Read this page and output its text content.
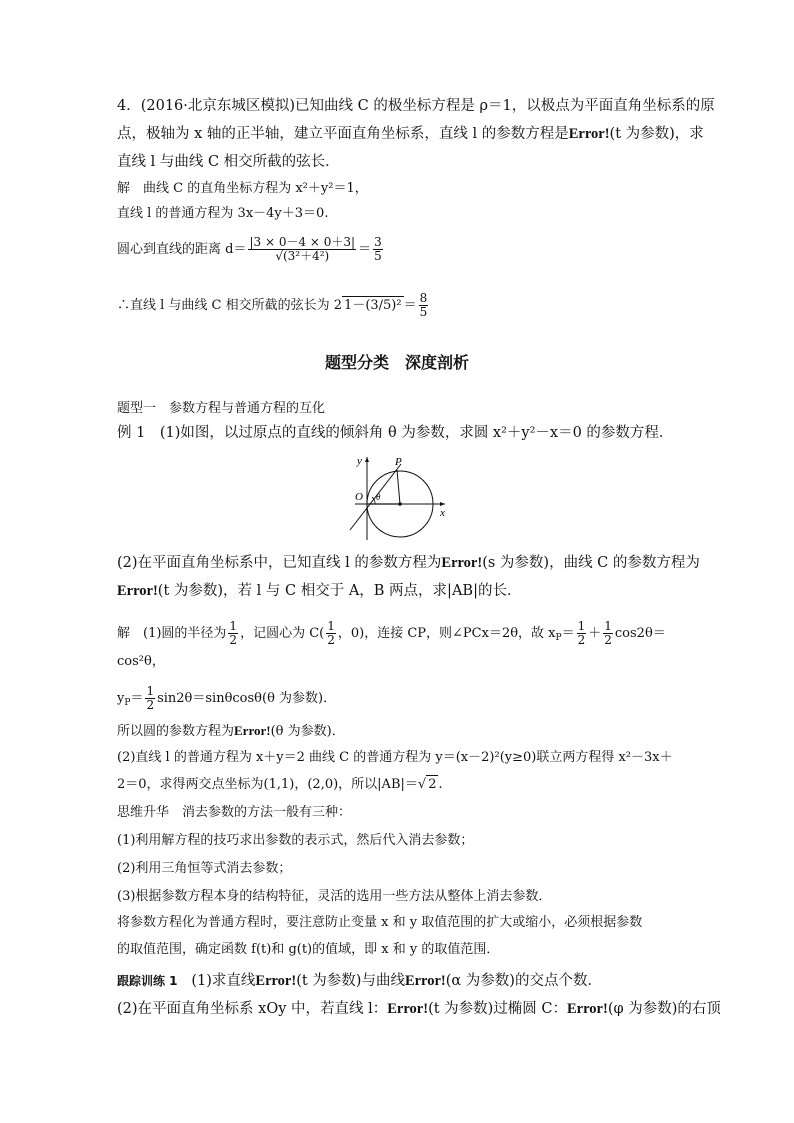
4．(2016·北京东城区模拟)已知曲线 C 的极坐标方程是 ρ＝1，以极点为平面直角坐标系的原
点，极轴为 x 轴的正半轴，建立平面直角坐标系，直线 l 的参数方程是Error!(t 为参数)，求
直线 l 与曲线 C 相交所截的弦长．
解　曲线 C 的直角坐标方程为 x²＋y²＝1，
直线 l 的普通方程为 3x－4y＋3＝0.
圆心到直线的距离 $d= \frac{|3 \times 0-4 \times 0+3|}{\text{√(3²＋4²)}} = \frac{3}{5}$
∴直线 l 与曲线 C 相交所截的弦长为 2 $1-(3/5)^2 = \frac{8}{5}$
题型分类　深度剖析
题型一　参数方程与普通方程的互化
例 1　(1)如图，以过原点的直线的倾斜角 θ 为参数，求圆 x²＋y²－x＝0 的参数方程．
y	P
O θ
x
(2)在平面直角坐标系中，已知直线 l 的参数方程为Error!(s 为参数)，曲线 C 的参数方程为
Error!(t 为参数)，若 l 与 C 相交于 A，B 两点，求|AB|的长．
解　(1)圆的半径为 $\frac{1}{2}$ ，记圆心为 $C( \frac{1}{2}$ ，0)，连接 CP，则∠PCx＝2θ，故 $x_P= \frac{1}{2} + \frac{1}{2} \cos 2\theta=$
cos²θ，
$y_P= \frac{1}{2} \sin 2\theta=\sin\theta\cos\theta(\theta$ 为参数)．
所以圆的参数方程为Error!(θ 为参数)．
(2)直线 l 的普通方程为 x＋y＝2 曲线 C 的普通方程为 y＝(x－2)²(y≥0)联立两方程得 x²－3x＋
2＝0，求得两交点坐标为(1,1)，(2,0)，所以|AB|＝√ 2 .
思维升华　消去参数的方法一般有三种：
(1)利用解方程的技巧求出参数的表示式，然后代入消去参数；
(2)利用三角恒等式消去参数；
(3)根据参数方程本身的结构特征，灵活的选用一些方法从整体上消去参数．
将参数方程化为普通方程时，要注意防止变量 x 和 y 取值范围的扩大或缩小，必须根据参数
的取值范围，确定函数 f(t)和 g(t)的值域，即 x 和 y 的取值范围．
跟踪训练 1 (1)求直线Error!(t 为参数)与曲线Error!(α 为参数)的交点个数．
(2)在平面直角坐标系 xOy 中，若直线 l：Error!(t 为参数)过椭圆 C：Error!(φ 为参数)的右顶
